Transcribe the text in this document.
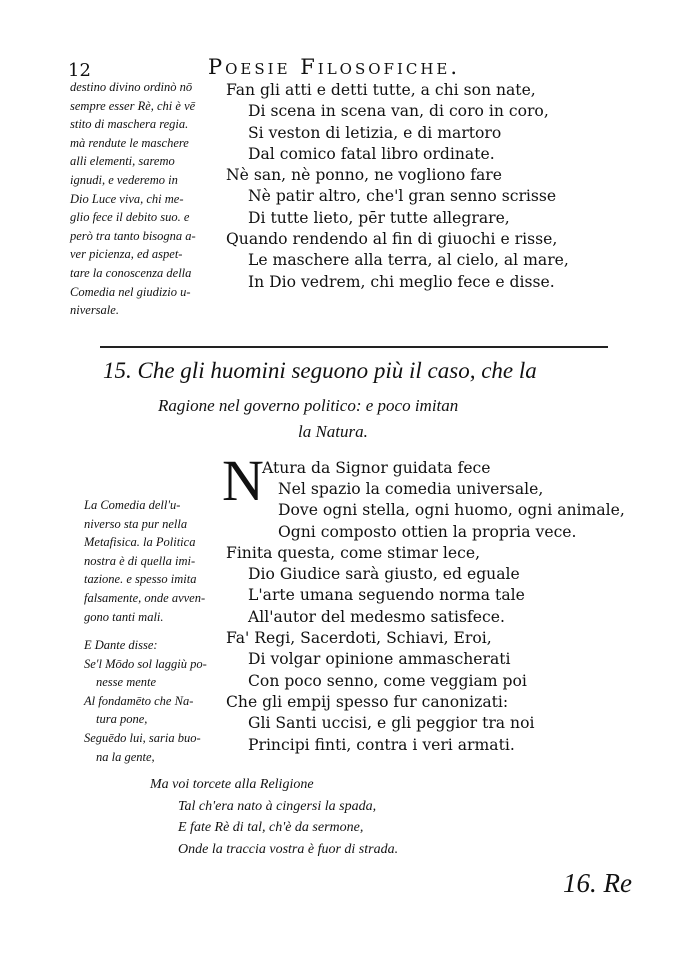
12	Poesie Filosofiche.
destino divino ordinò nō
sempre esser Rè, chi è vē
stito di maschera regia.
mà rendute le maschere
alli elementi, saremo
ignudi, e vederemo in
Dio Luce viva, chi me-
glio fece il debito suo. e
però tra tanto bisogna a-
ver picienza, ed aspet-
tare la conoscenza della
Comedia nel giudizio u-
niversale.
Fan gli atti e detti tutte, a chi son nate,
Di scena in scena van, di coro in coro,
Si veston di letizia, e di martoro
Dal comico fatal libro ordinate.
Nè san, nè ponno, ne vogliono fare
Nè patir altro, che'l gran senno scrisse
Di tutte lieto, pēr tutte allegrare,
Quando rendendo al fin di giuochi e risse,
Le maschere alla terra, al cielo, al mare,
In Dio vedrem, chi meglio fece e disse.
15. Che gli huomini seguono più il caso, che la
Ragione nel governo politico: e poco imitan
la Natura.
N
Atura da Signor guidata fece
Nel spazio la comedia universale,
Dove ogni stella, ogni huomo, ogni animale,
Ogni composto ottien la propria vece.
Finita questa, come stimar lece,
Dio Giudice sarà giusto, ed eguale
L'arte umana seguendo norma tale
All'autor del medesmo satisfece.
Fa' Regi, Sacerdoti, Schiavi, Eroi,
Di volgar opinione ammascherati
Con poco senno, come veggiam poi
Che gli empij spesso fur canonizati:
Gli Santi uccisi, e gli peggior tra noi
Principi finti, contra i veri armati.
La Comedia dell'u-
niverso sta pur nella
Metafisica. la Politica
nostra è di quella imi-
tazione. e spesso imita
falsamente, onde avven-
gono tanti mali.
E Dante disse:
Se'l Mōdo sol laggiù po-
nesse mente
Al fondamēto che Na-
tura pone,
Seguēdo lui, saria buo-
na la gente,
Ma voi torcete alla Religione
Tal ch'era nato à cingersi la spada,
E fate Rè di tal, ch'è da sermone,
Onde la traccia vostra è fuor di strada.
16. Re
